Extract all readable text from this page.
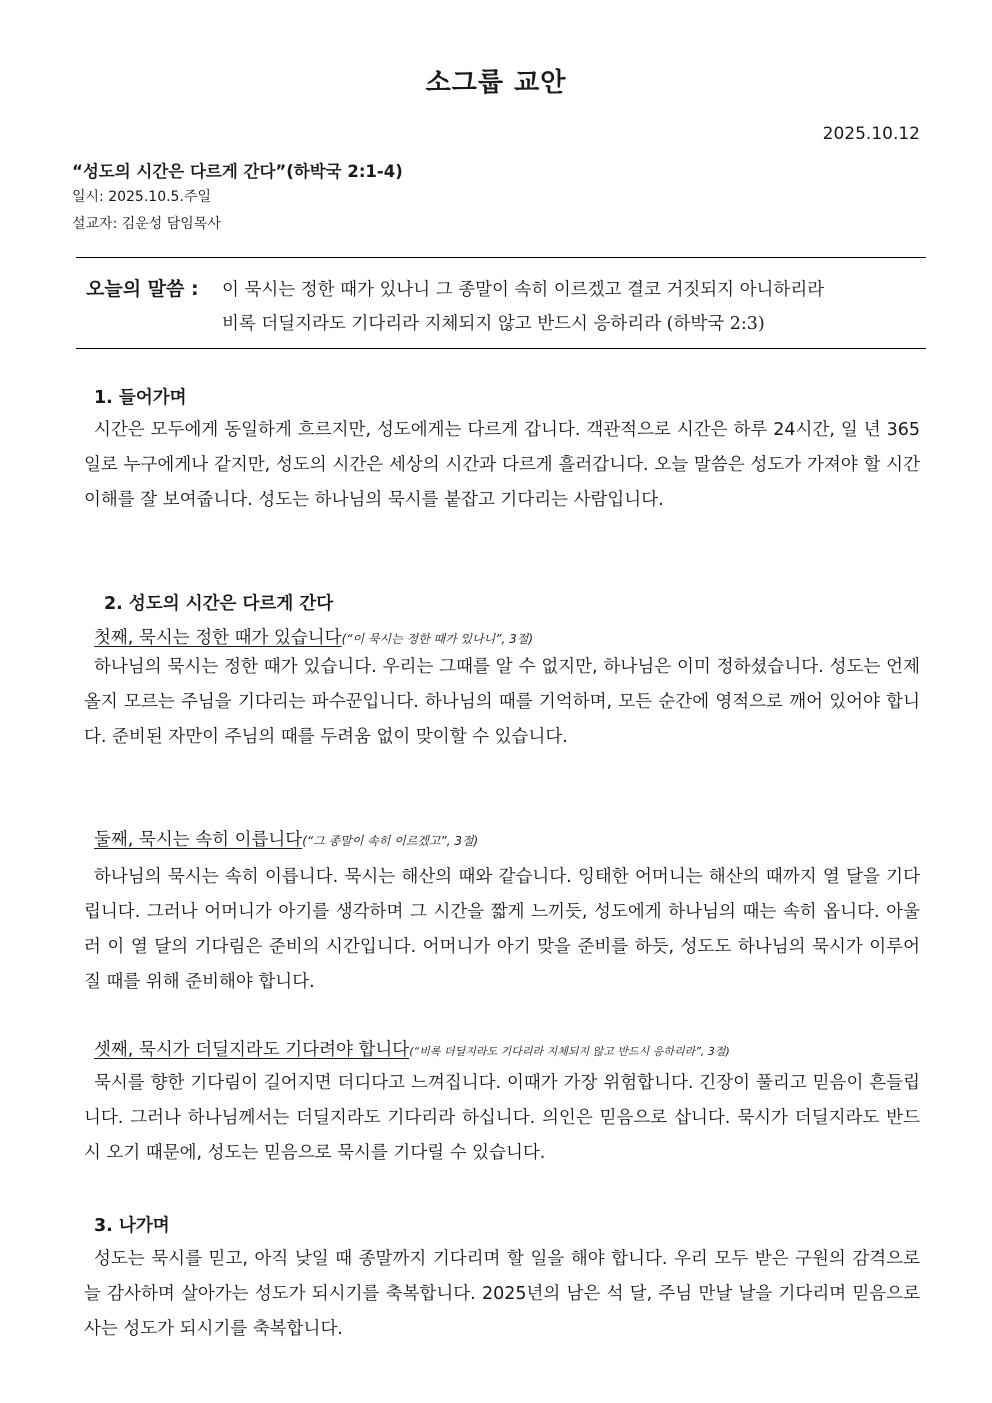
소그룹 교안
2025.10.12
“성도의 시간은 다르게 간다”(하박국 2:1-4)
일시: 2025.10.5.주일
설교자: 김운성 담임목사
오늘의 말씀 : 이 묵시는 정한 때가 있나니 그 종말이 속히 이르겠고 결코 거짓되지 아니하리라
비록 더딜지라도 기다리라 지체되지 않고 반드시 응하리라 (하박국 2:3)
1. 들어가며
시간은 모두에게 동일하게 흐르지만, 성도에게는 다르게 갑니다. 객관적으로 시간은 하루 24시간, 일 년 365일로 누구에게나 같지만, 성도의 시간은 세상의 시간과 다르게 흘러갑니다. 오늘 말씀은 성도가 가져야 할 시간 이해를 잘 보여줍니다. 성도는 하나님의 묵시를 붙잡고 기다리는 사람입니다.
2. 성도의 시간은 다르게 간다
첫째, 묵시는 정한 때가 있습니다(“이 묵시는 정한 때가 있나니”, 3절)
하나님의 묵시는 정한 때가 있습니다. 우리는 그때를 알 수 없지만, 하나님은 이미 정하셨습니다. 성도는 언제 올지 모르는 주님을 기다리는 파수꾼입니다. 하나님의 때를 기억하며, 모든 순간에 영적으로 깨어 있어야 합니다. 준비된 자만이 주님의 때를 두려움 없이 맞이할 수 있습니다.
둘째, 묵시는 속히 이릅니다(“그 종말이 속히 이르겠고”, 3절)
하나님의 묵시는 속히 이릅니다. 묵시는 해산의 때와 같습니다. 잉태한 어머니는 해산의 때까지 열 달을 기다립니다. 그러나 어머니가 아기를 생각하며 그 시간을 짧게 느끼듯, 성도에게 하나님의 때는 속히 옵니다. 아울러 이 열 달의 기다림은 준비의 시간입니다. 어머니가 아기 맞을 준비를 하듯, 성도도 하나님의 묵시가 이루어질 때를 위해 준비해야 합니다.
셋째, 묵시가 더딜지라도 기다려야 합니다(“비록 더딜지라도 기다리라 지체되지 않고 반드시 응하리라”, 3절)
묵시를 향한 기다림이 길어지면 더디다고 느껴집니다. 이때가 가장 위험합니다. 긴장이 풀리고 믿음이 흔들립니다. 그러나 하나님께서는 더딜지라도 기다리라 하십니다. 의인은 믿음으로 삽니다. 묵시가 더딜지라도 반드시 오기 때문에, 성도는 믿음으로 묵시를 기다릴 수 있습니다.
3. 나가며
성도는 묵시를 믿고, 아직 낮일 때 종말까지 기다리며 할 일을 해야 합니다. 우리 모두 받은 구원의 감격으로 늘 감사하며 살아가는 성도가 되시기를 축복합니다. 2025년의 남은 석 달, 주님 만날 날을 기다리며 믿음으로 사는 성도가 되시기를 축복합니다.
